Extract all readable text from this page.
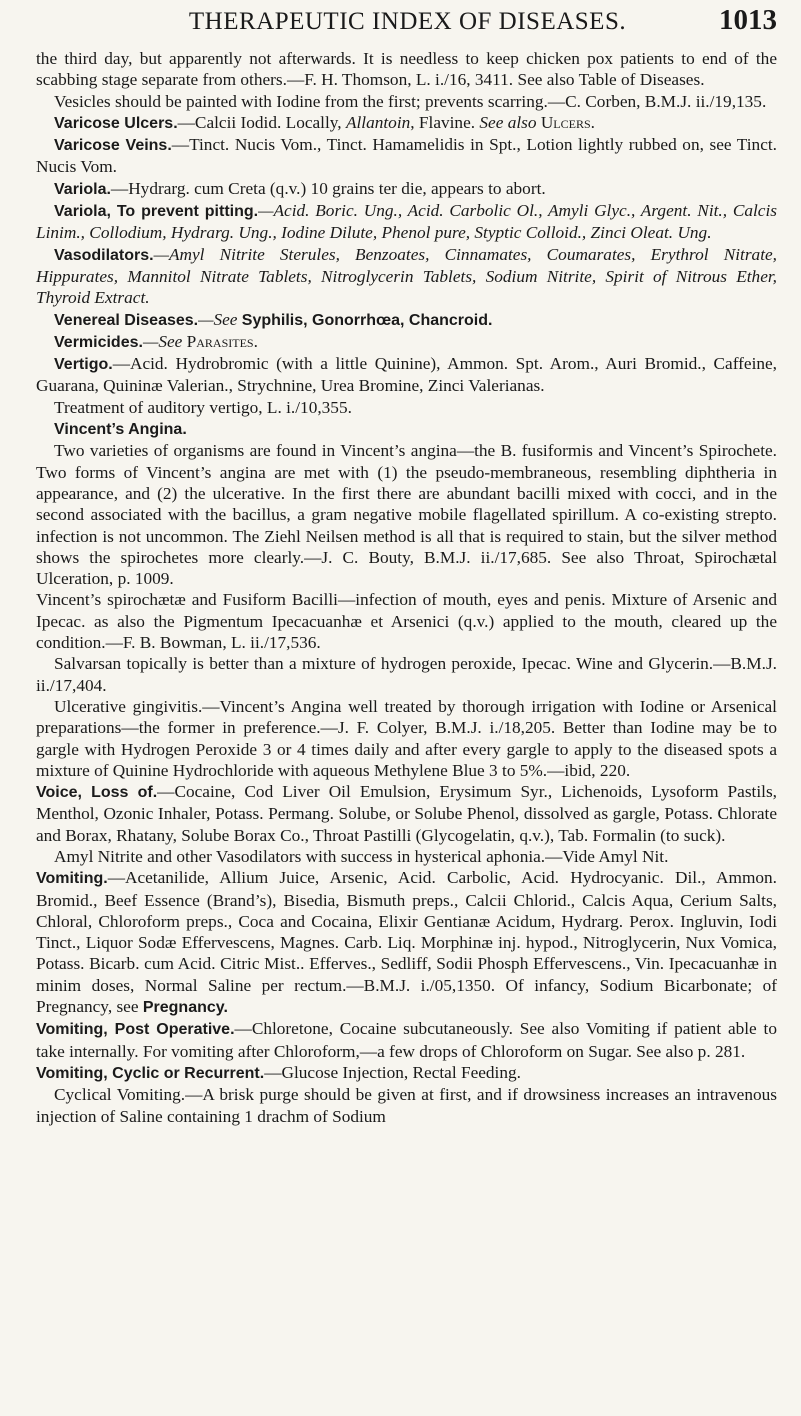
THERAPEUTIC INDEX OF DISEASES.	1013

the third day, but apparently not afterwards. It is needless to keep chicken pox patients to end of the scabbing stage separate from others.—F. H. Thomson, L. i./16, 3411. See also Table of Diseases.

Vesicles should be painted with Iodine from the first; prevents scarring.—C. Corben, B.M.J. ii./19,135.

Varicose Ulcers.—Calcii Iodid. Locally, Allantoin, Flavine. See also Ulcers.

Varicose Veins.—Tinct. Nucis Vom., Tinct. Hamamelidis in Spt., Lotion lightly rubbed on, see Tinct. Nucis Vom.

Variola.—Hydrarg. cum Creta (q.v.) 10 grains ter die, appears to abort.

Variola, To prevent pitting.—Acid. Boric. Ung., Acid. Carbolic Ol., Amyli Glyc., Argent. Nit., Calcis Linim., Collodium, Hydrarg. Ung., Iodine Dilute, Phenol pure, Styptic Colloid., Zinci Oleat. Ung.

Vasodilators.—Amyl Nitrite Sterules, Benzoates, Cinnamates, Coumarates, Erythrol Nitrate, Hippurates, Mannitol Nitrate Tablets, Nitroglycerin Tablets, Sodium Nitrite, Spirit of Nitrous Ether, Thyroid Extract.

Venereal Diseases.—See Syphilis, Gonorrhœa, Chancroid.

Vermicides.—See Parasites.

Vertigo.—Acid. Hydrobromic (with a little Quinine), Ammon. Spt. Arom., Auri Bromid., Caffeine, Guarana, Quininæ Valerian., Strychnine, Urea Bromine, Zinci Valerianas.

Treatment of auditory vertigo, L. i./10,355.

Vincent’s Angina.

Two varieties of organisms are found in Vincent’s angina—the B. fusiformis and Vincent’s Spirochete. Two forms of Vincent’s angina are met with (1) the pseudo-membraneous, resembling diphtheria in appearance, and (2) the ulcerative. In the first there are abundant bacilli mixed with cocci, and in the second associated with the bacillus, a gram negative mobile flagellated spirillum. A co-existing strepto. infection is not uncommon. The Ziehl Neilsen method is all that is required to stain, but the silver method shows the spirochetes more clearly.—J. C. Bouty, B.M.J. ii./17,685. See also Throat, Spirochætal Ulceration, p. 1009.

Vincent’s spirochætæ and Fusiform Bacilli—infection of mouth, eyes and penis. Mixture of Arsenic and Ipecac. as also the Pigmentum Ipecacuanhæ et Arsenici (q.v.) applied to the mouth, cleared up the condition.—F. B. Bowman, L. ii./17,536.

Salvarsan topically is better than a mixture of hydrogen peroxide, Ipecac. Wine and Glycerin.—B.M.J. ii./17,404.

Ulcerative gingivitis.—Vincent’s Angina well treated by thorough irrigation with Iodine or Arsenical preparations—the former in preference.—J. F. Colyer, B.M.J. i./18,205. Better than Iodine may be to gargle with Hydrogen Peroxide 3 or 4 times daily and after every gargle to apply to the diseased spots a mixture of Quinine Hydrochloride with aqueous Methylene Blue 3 to 5%.—ibid, 220.

Voice, Loss of.—Cocaine, Cod Liver Oil Emulsion, Erysimum Syr., Lichenoids, Lysoform Pastils, Menthol, Ozonic Inhaler, Potass. Permang. Solube, or Solube Phenol, dissolved as gargle, Potass. Chlorate and Borax, Rhatany, Solube Borax Co., Throat Pastilli (Glycogelatin, q.v.), Tab. Formalin (to suck).

Amyl Nitrite and other Vasodilators with success in hysterical aphonia.—Vide Amyl Nit.

Vomiting.—Acetanilide, Allium Juice, Arsenic, Acid. Carbolic, Acid. Hydrocyanic. Dil., Ammon. Bromid., Beef Essence (Brand’s), Bisedia, Bismuth preps., Calcii Chlorid., Calcis Aqua, Cerium Salts, Chloral, Chloroform preps., Coca and Cocaina, Elixir Gentianæ Acidum, Hydrarg. Perox. Ingluvin, Iodi Tinct., Liquor Sodæ Effervescens, Magnes. Carb. Liq. Morphinæ inj. hypod., Nitroglycerin, Nux Vomica, Potass. Bicarb. cum Acid. Citric Mist.. Efferves., Sedliff, Sodii Phosph Effervescens., Vin. Ipecacuanhæ in minim doses, Normal Saline per rectum.—B.M.J. i./05,1350. Of infancy, Sodium Bicarbonate; of Pregnancy, see Pregnancy.

Vomiting, Post Operative.—Chloretone, Cocaine subcutaneously. See also Vomiting if patient able to take internally. For vomiting after Chloroform,—a few drops of Chloroform on Sugar. See also p. 281.

Vomiting, Cyclic or Recurrent.—Glucose Injection, Rectal Feeding.

Cyclical Vomiting.—A brisk purge should be given at first, and if drowsiness increases an intravenous injection of Saline containing 1 drachm of Sodium
